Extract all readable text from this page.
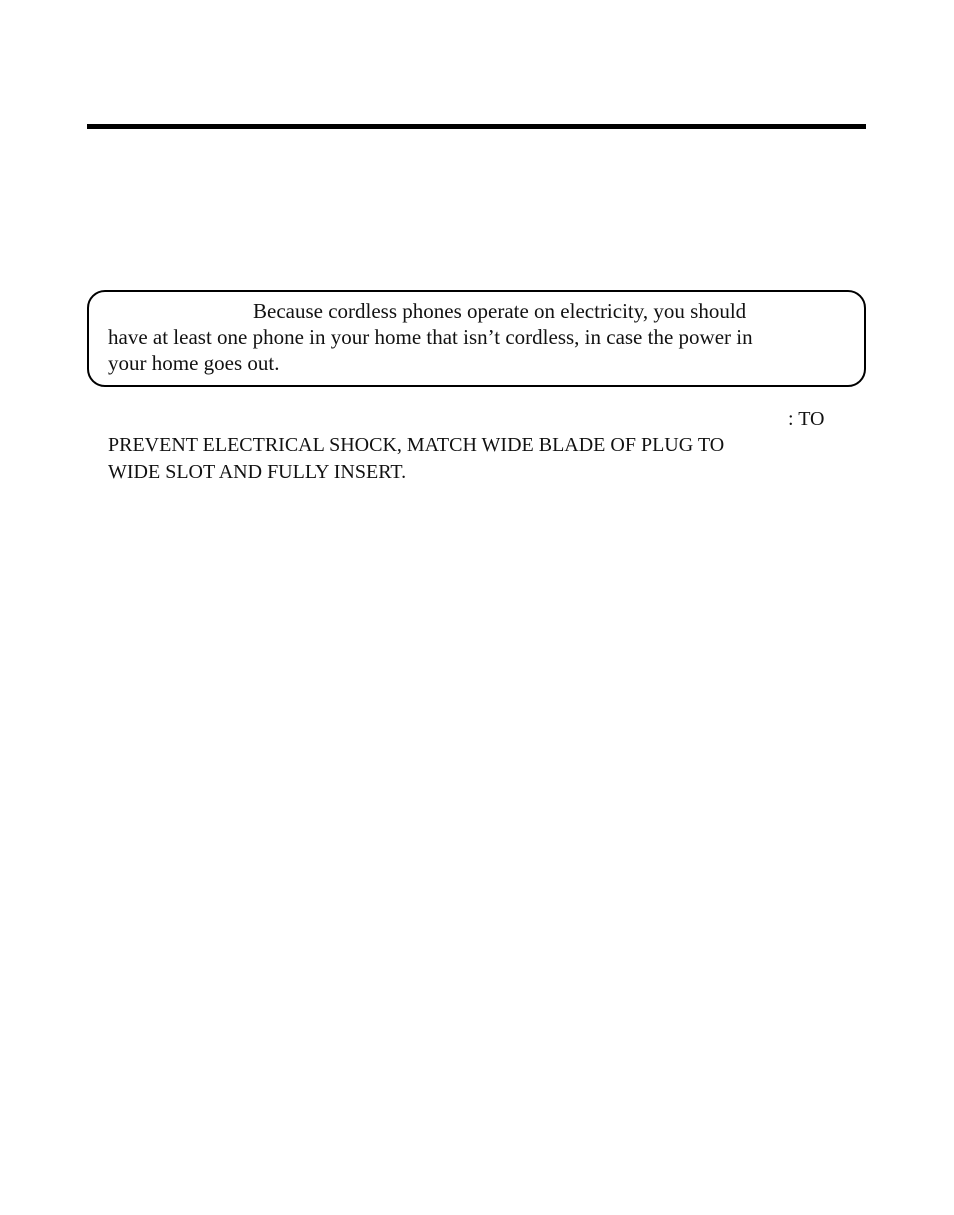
Because cordless phones operate on electricity, you should
have at least one phone in your home that isn’t cordless, in case the power in
your home goes out.
: TO
PREVENT ELECTRICAL SHOCK, MATCH WIDE BLADE OF PLUG TO
WIDE SLOT AND FULLY INSERT.
